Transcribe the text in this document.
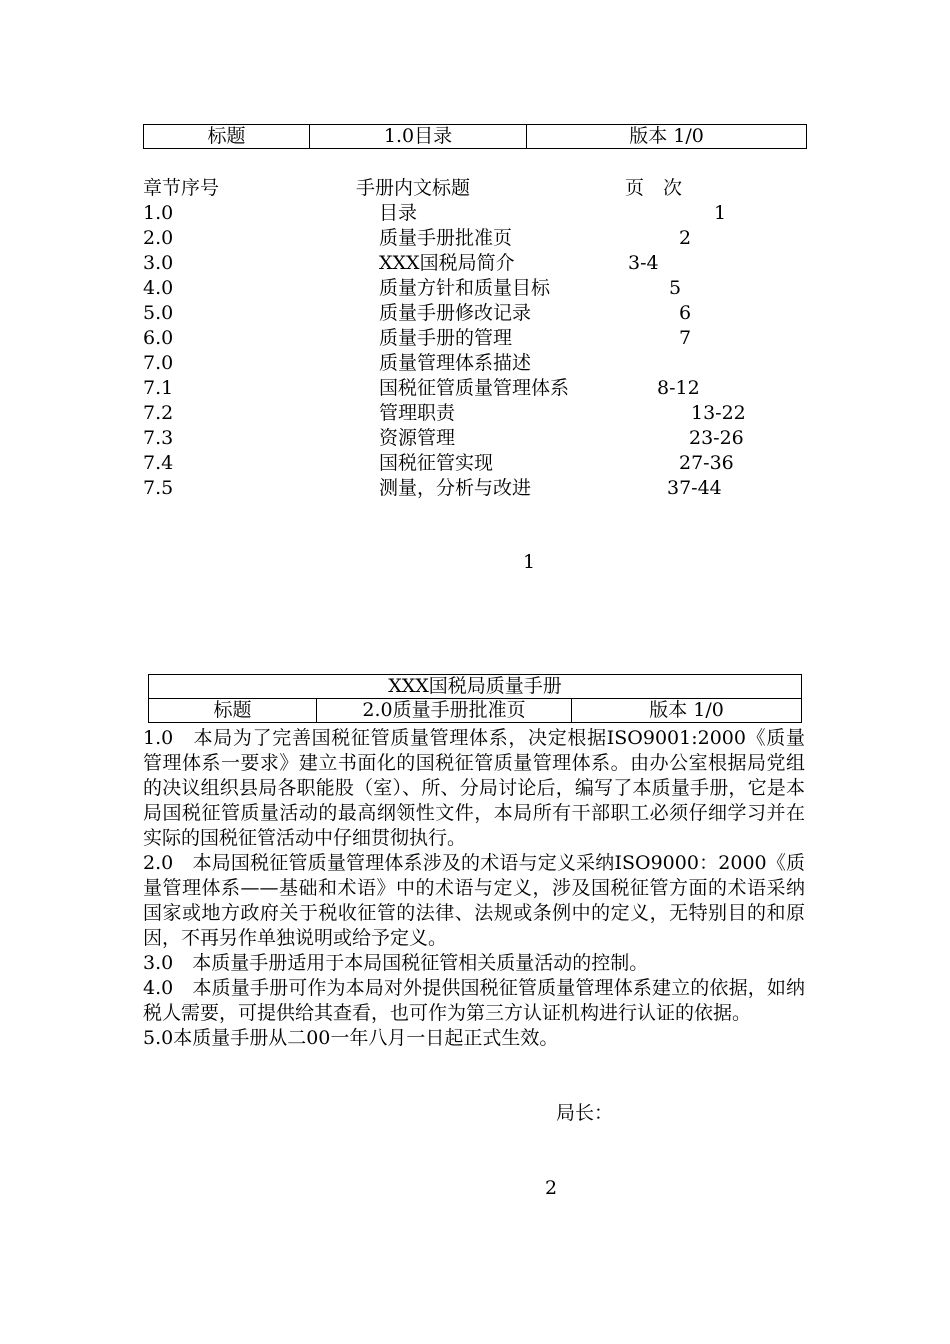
标题	1.0目录	版本 1/0
章节序号	手册内文标题	页　次
1.0	目录	1
2.0	质量手册批准页	2
3.0	XXX国税局简介	3-4
4.0	质量方针和质量目标	5
5.0	质量手册修改记录	6
6.0	质量手册的管理	7
7.0	质量管理体系描述
7.1	国税征管质量管理体系	8-12
7.2	管理职责	13-22
7.3	资源管理	23-26
7.4	国税征管实现	27-36
7.5	测量，分析与改进	37-44
1
XXX国税局质量手册
标题	2.0质量手册批准页	版本 1/0

1.0　本局为了完善国税征管质量管理体系，决定根据ISO9001:2000《质量管理体系一要求》建立书面化的国税征管质量管理体系。由办公室根据局党组的决议组织县局各职能股（室）、所、分局讨论后，编写了本质量手册，它是本局国税征管质量活动的最高纲领性文件，本局所有干部职工必须仔细学习并在实际的国税征管活动中仔细贯彻执行。

2.0　本局国税征管质量管理体系涉及的术语与定义采纳ISO9000：2000《质量管理体系——基础和术语》中的术语与定义，涉及国税征管方面的术语采纳国家或地方政府关于税收征管的法律、法规或条例中的定义，无特别目的和原因，不再另作单独说明或给予定义。

3.0　本质量手册适用于本局国税征管相关质量活动的控制。

4.0　本质量手册可作为本局对外提供国税征管质量管理体系建立的依据，如纳税人需要，可提供给其查看，也可作为第三方认证机构进行认证的依据。

5.0本质量手册从二00一年八月一日起正式生效。

局长：
2
